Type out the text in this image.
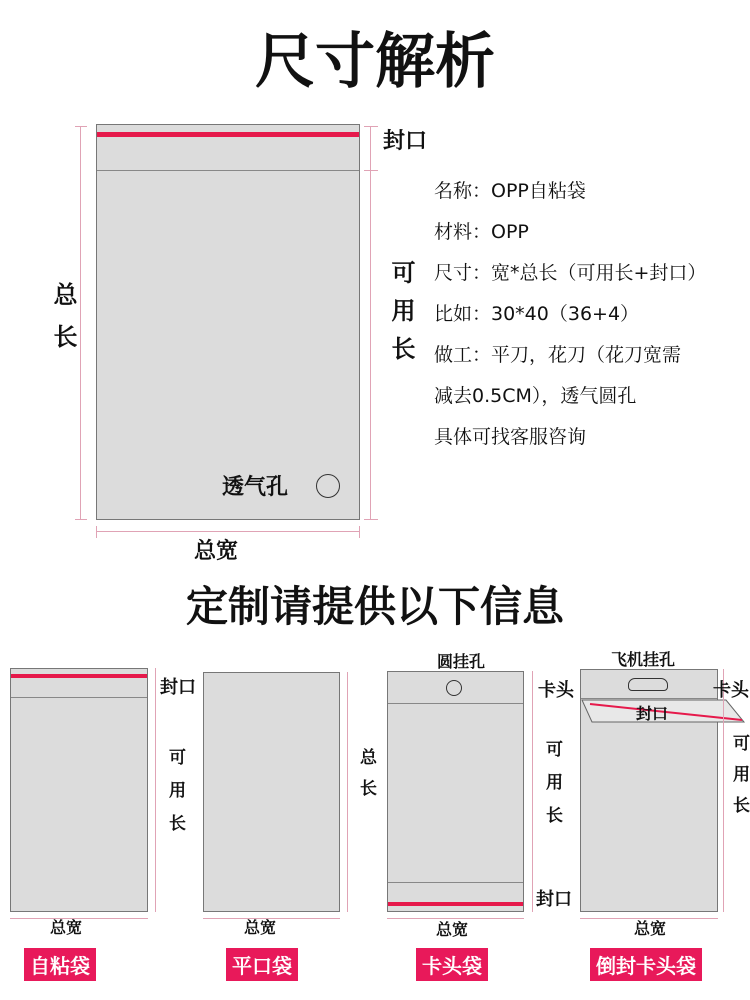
尺寸解析
封口
总长	可用长
总宽
透气孔
名称：OPP自粘袋
材料：OPP
尺寸：宽*总长（可用长+封口）
比如：30*40（36+4）
做工：平刀，花刀（花刀宽需
减去0.5CM），透气圆孔
具体可找客服咨询
定制请提供以下信息
封口
可用长
总宽
自粘袋
总长
总宽
平口袋
圆挂孔
卡头
可用长
封口
总宽
卡头袋
飞机挂孔
封口
卡头
可用长
总宽
倒封卡头袋
